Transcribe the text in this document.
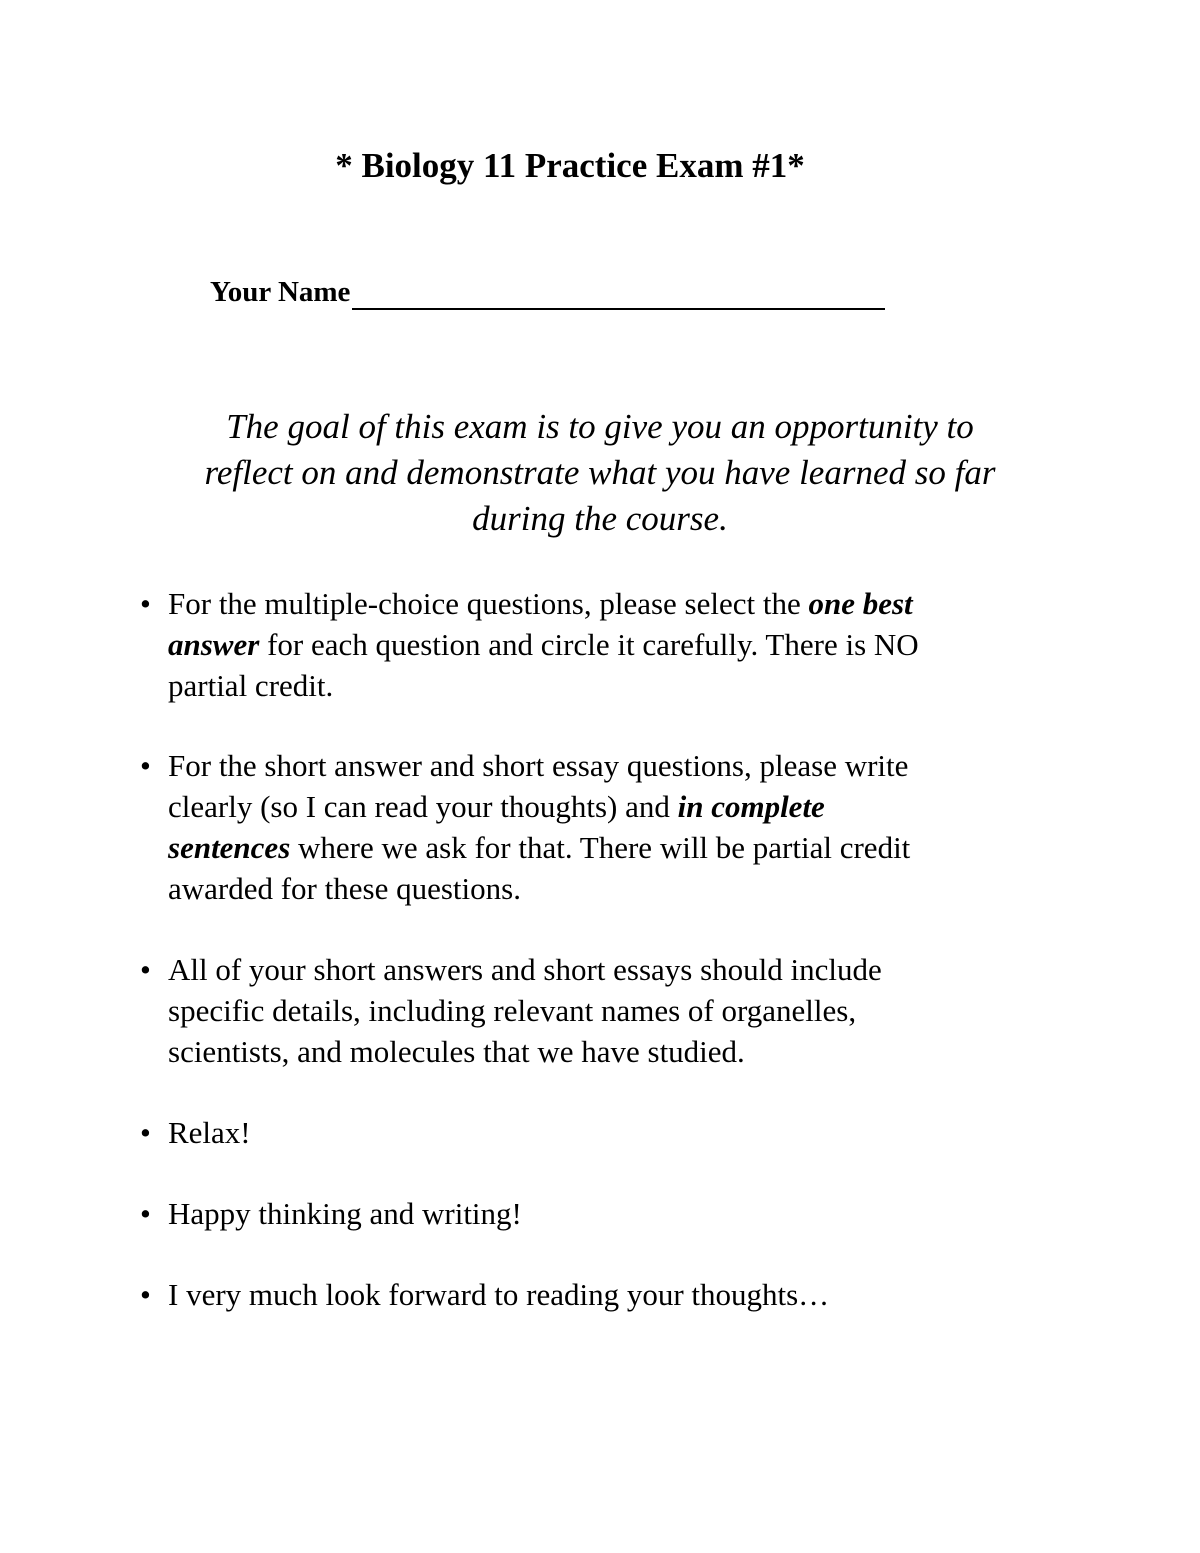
* Biology 11 Practice Exam #1*
Your Name
The goal of this exam is to give you an opportunity to
reflect on and demonstrate what you have learned so far
during the course.
• For the multiple-choice questions, please select the one best
answer for each question and circle it carefully. There is NO
partial credit.
• For the short answer and short essay questions, please write
clearly (so I can read your thoughts) and in complete
sentences where we ask for that. There will be partial credit
awarded for these questions.
• All of your short answers and short essays should include
specific details, including relevant names of organelles,
scientists, and molecules that we have studied.
• Relax!
• Happy thinking and writing!
• I very much look forward to reading your thoughts…
